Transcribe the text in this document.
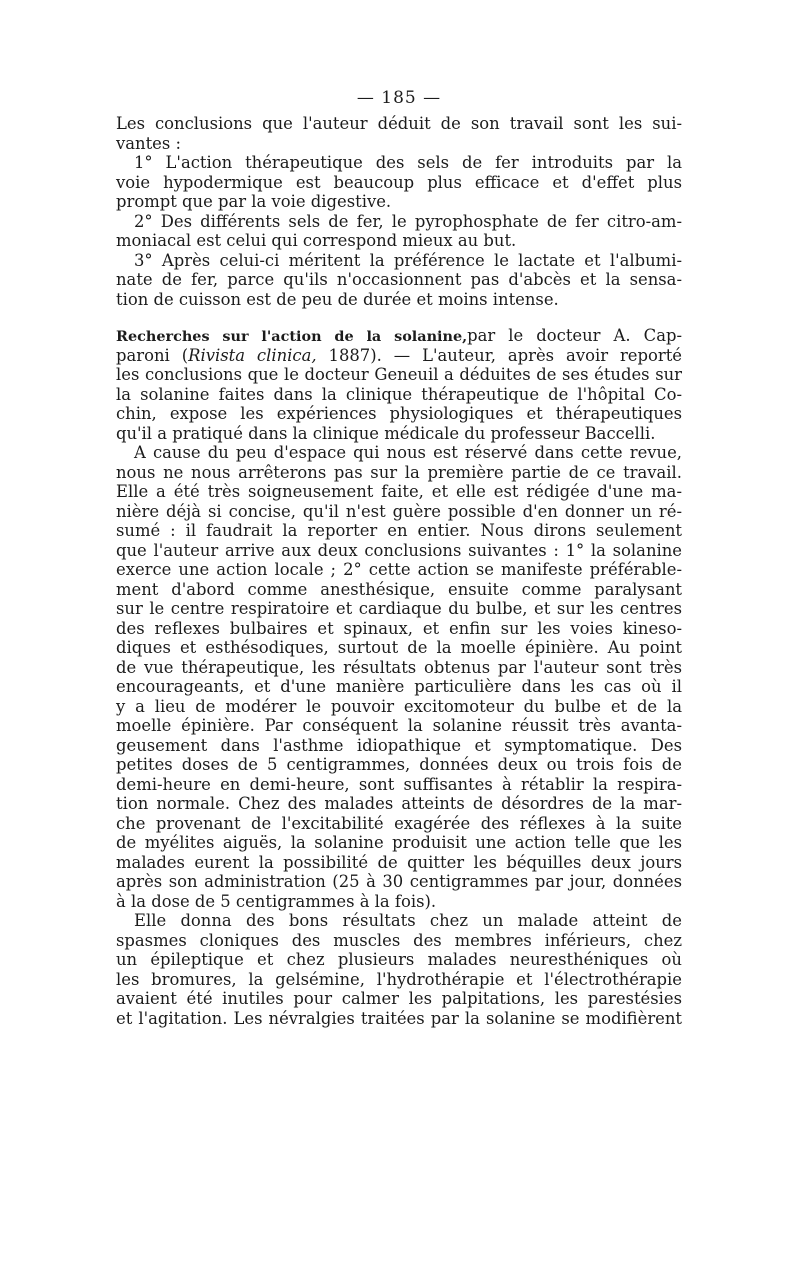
— 185 —
Les conclusions que l'auteur déduit de son travail sont les sui-
vantes :
1° L'action thérapeutique des sels de fer introduits par la
voie hypodermique est beaucoup plus efficace et d'effet plus
prompt que par la voie digestive.
2° Des différents sels de fer, le pyrophosphate de fer citro-am-
moniacal est celui qui correspond mieux au but.
3° Après celui-ci méritent la préférence le lactate et l'albumi-
nate de fer, parce qu'ils n'occasionnent pas d'abcès et la sensa-
tion de cuisson est de peu de durée et moins intense.
Recherches sur l'action de la solanine,par le docteur A. Cap-
paroni (Rivista clinica, 1887). — L'auteur, après avoir reporté
les conclusions que le docteur Geneuil a déduites de ses études sur
la solanine faites dans la clinique thérapeutique de l'hôpital Co-
chin, expose les expériences physiologiques et thérapeutiques
qu'il a pratiqué dans la clinique médicale du professeur Baccelli.
A cause du peu d'espace qui nous est réservé dans cette revue,
nous ne nous arrêterons pas sur la première partie de ce travail.
Elle a été très soigneusement faite, et elle est rédigée d'une ma-
nière déjà si concise, qu'il n'est guère possible d'en donner un ré-
sumé : il faudrait la reporter en entier. Nous dirons seulement
que l'auteur arrive aux deux conclusions suivantes : 1° la solanine
exerce une action locale ; 2° cette action se manifeste préférable-
ment d'abord comme anesthésique, ensuite comme paralysant
sur le centre respiratoire et cardiaque du bulbe, et sur les centres
des reflexes bulbaires et spinaux, et enfin sur les voies kineso-
diques et esthésodiques, surtout de la moelle épinière. Au point
de vue thérapeutique, les résultats obtenus par l'auteur sont très
encourageants, et d'une manière particulière dans les cas où il
y a lieu de modérer le pouvoir excitomoteur du bulbe et de la
moelle épinière. Par conséquent la solanine réussit très avanta-
geusement dans l'asthme idiopathique et symptomatique. Des
petites doses de 5 centigrammes, données deux ou trois fois de
demi-heure en demi-heure, sont suffisantes à rétablir la respira-
tion normale. Chez des malades atteints de désordres de la mar-
che provenant de l'excitabilité exagérée des réflexes à la suite
de myélites aiguës, la solanine produisit une action telle que les
malades eurent la possibilité de quitter les béquilles deux jours
après son administration (25 à 30 centigrammes par jour, données
à la dose de 5 centigrammes à la fois).
Elle donna des bons résultats chez un malade atteint de
spasmes cloniques des muscles des membres inférieurs, chez
un épileptique et chez plusieurs malades neuresthéniques où
les bromures, la gelsémine, l'hydrothérapie et l'électrothérapie
avaient été inutiles pour calmer les palpitations, les parestésies
et l'agitation. Les névralgies traitées par la solanine se modifièrent
